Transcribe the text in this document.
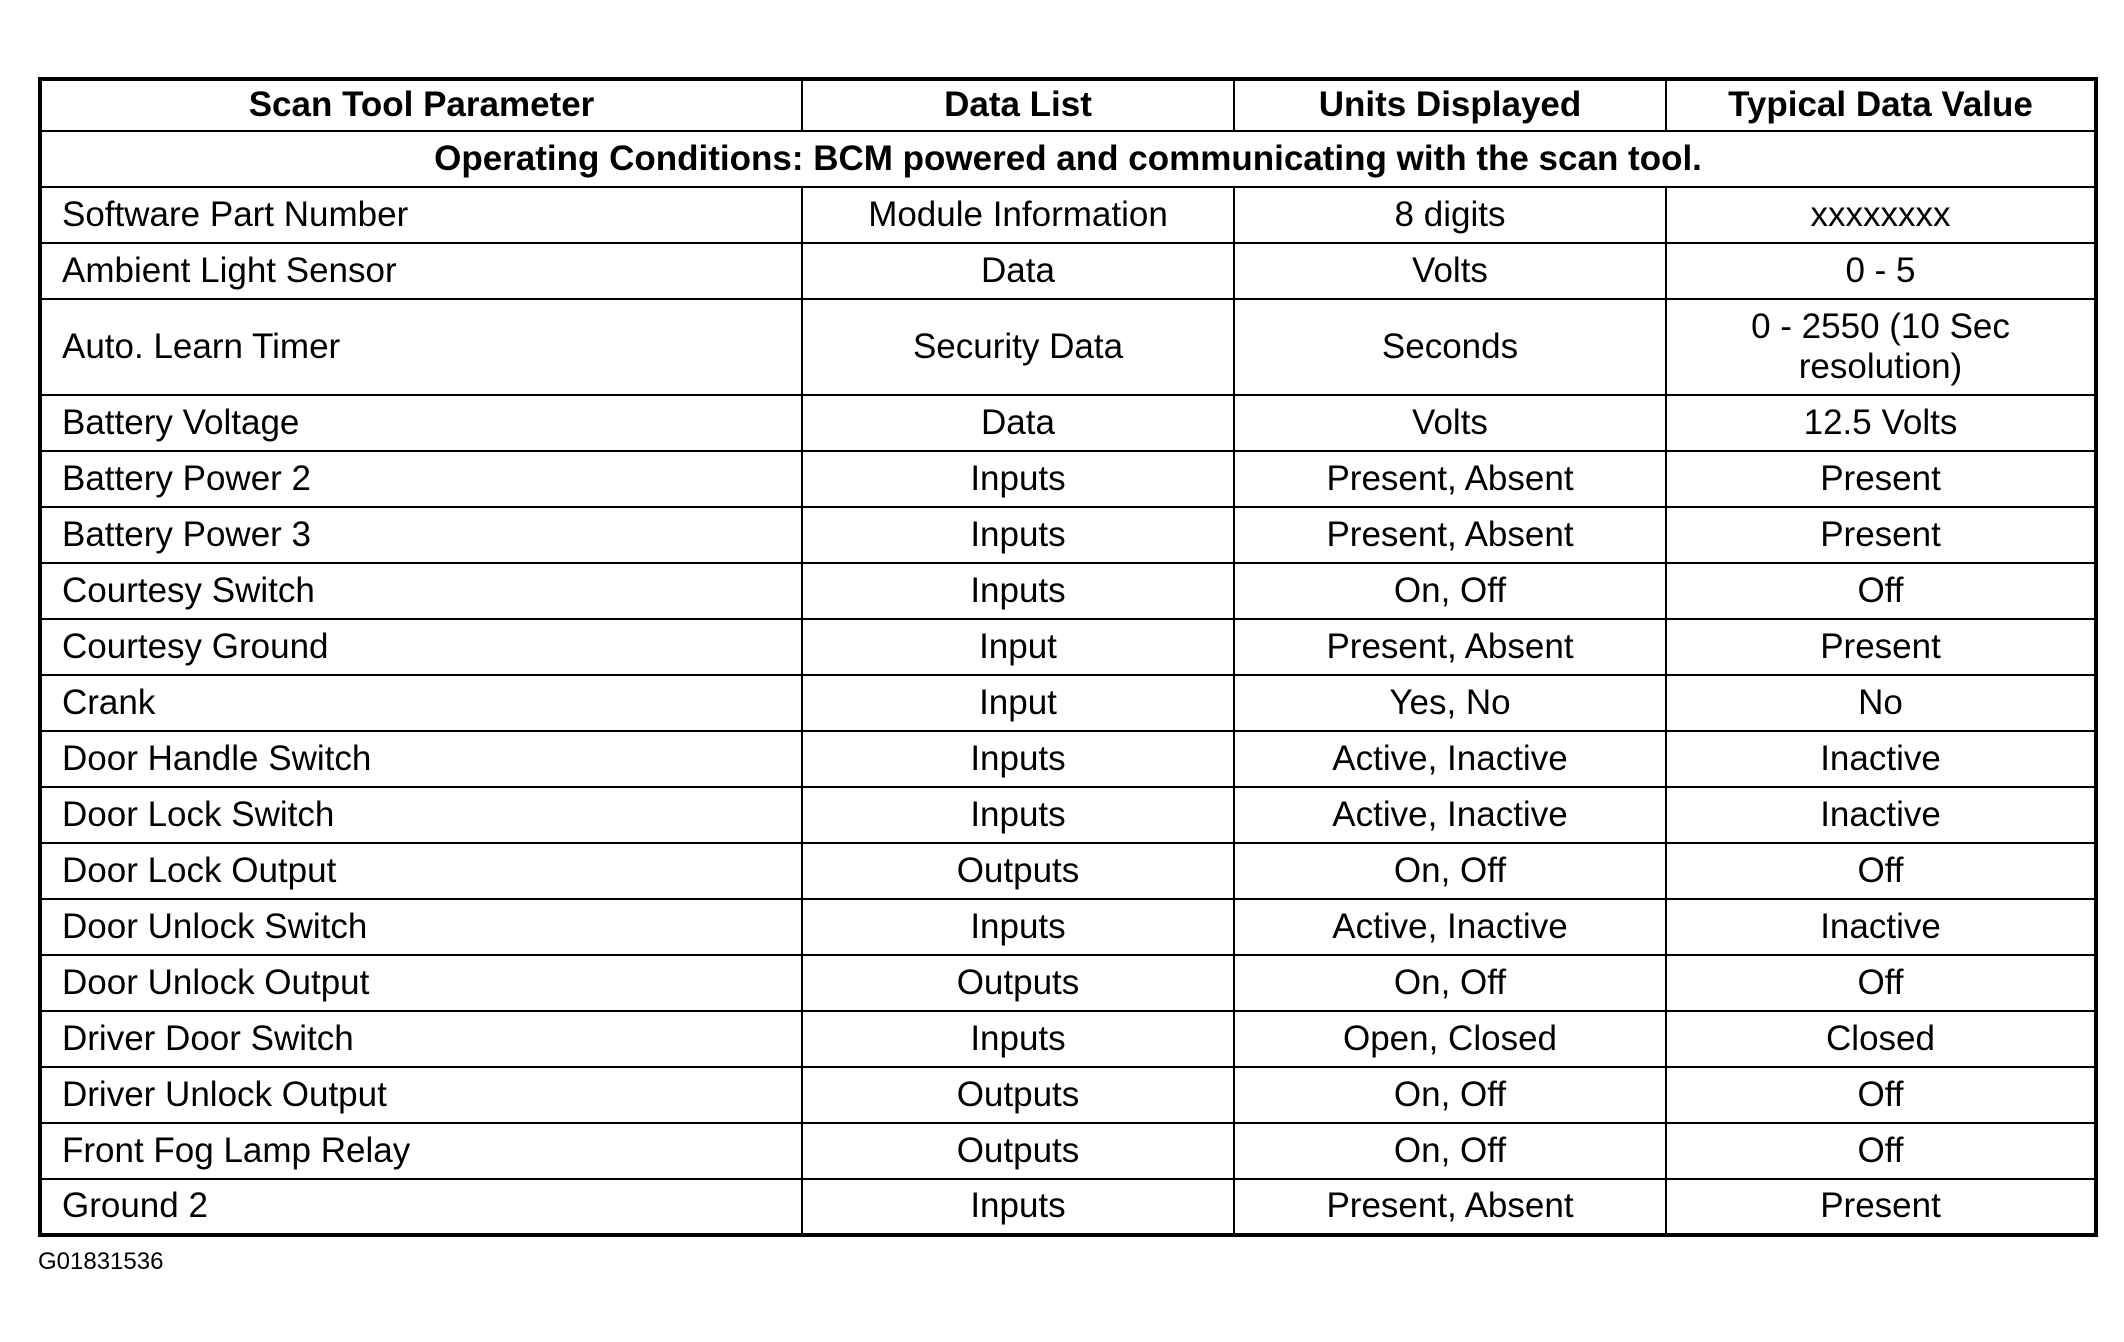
Scan Tool Parameter	Data List	Units Displayed	Typical Data Value
Operating Conditions: BCM powered and communicating with the scan tool.			
Software Part Number	Module Information	8 digits	xxxxxxxx
Ambient Light Sensor	Data	Volts	0 - 5
Auto. Learn Timer	Security Data	Seconds	0 - 2550 (10 Sec resolution)
Battery Voltage	Data	Volts	12.5 Volts
Battery Power 2	Inputs	Present, Absent	Present
Battery Power 3	Inputs	Present, Absent	Present
Courtesy Switch	Inputs	On, Off	Off
Courtesy Ground	Input	Present, Absent	Present
Crank	Input	Yes, No	No
Door Handle Switch	Inputs	Active, Inactive	Inactive
Door Lock Switch	Inputs	Active, Inactive	Inactive
Door Lock Output	Outputs	On, Off	Off
Door Unlock Switch	Inputs	Active, Inactive	Inactive
Door Unlock Output	Outputs	On, Off	Off
Driver Door Switch	Inputs	Open, Closed	Closed
Driver Unlock Output	Outputs	On, Off	Off
Front Fog Lamp Relay	Outputs	On, Off	Off
Ground 2	Inputs	Present, Absent	Present
G01831536
